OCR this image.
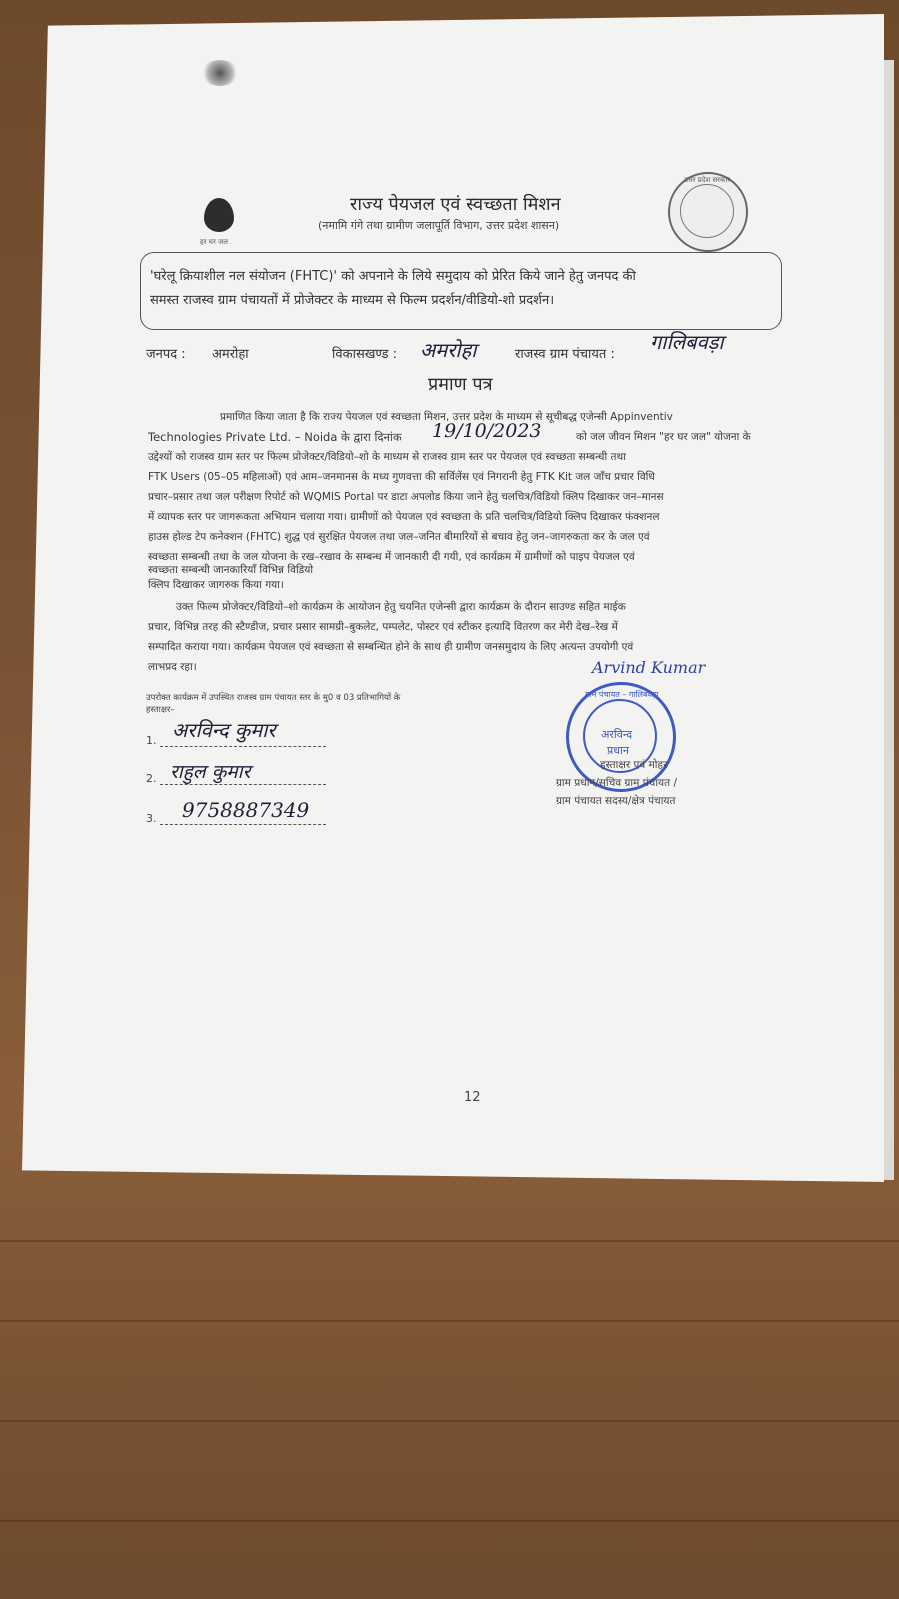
हर घर जल
उत्तर प्रदेश सरकार
राज्य पेयजल एवं स्वच्छता मिशन
(नमामि गंगे तथा ग्रामीण जलापूर्ति विभाग, उत्तर प्रदेश शासन)
'घरेलू क्रियाशील नल संयोजन (FHTC)' को अपनाने के लिये समुदाय को प्रेरित किये जाने हेतु जनपद की
समस्त राजस्व ग्राम पंचायतों में प्रोजेक्टर के माध्यम से फिल्म प्रदर्शन/वीडियो-शो प्रदर्शन।
जनपद : अमरोहा	विकासखण्ड : अमरोहा	राजस्व ग्राम पंचायत :
गालिबवड़ा
प्रमाण पत्र
प्रमाणित किया जाता है कि राज्य पेयजल एवं स्वच्छता मिशन, उत्तर प्रदेश के माध्यम से सूचीबद्ध एजेन्सी Appinventiv
Technologies Private Ltd. – Noida के द्वारा दिनांक 19/10/2023	को जल जीवन मिशन "हर घर जल" योजना के
उद्देश्यों को राजस्व ग्राम स्तर पर फिल्म प्रोजेक्टर/विडियो–शो के माध्यम से राजस्व ग्राम स्तर पर पेयजल एवं स्वच्छता सम्बन्धी तथा
FTK Users (05–05 महिलाओं) एवं आम–जनमानस के मध्य गुणवत्ता की सर्विलेंस एवं निगरानी हेतु FTK Kit जल जाँच प्रचार विधि
प्रचार–प्रसार तथा जल परीक्षण रिपोर्ट को WQMIS Portal पर डाटा अपलोड किया जाने हेतु चलचित्र/विडियो क्लिप दिखाकर जन–मानस
में व्यापक स्तर पर जागरूकता अभियान चलाया गया। ग्रामीणों को पेयजल एवं स्वच्छता के प्रति चलचित्र/विडियो क्लिप दिखाकर फंक्शनल
हाउस होल्ड टेप कनेक्शन (FHTC) शुद्ध एवं सुरक्षित पेयजल तथा जल–जनित बीमारियों से बचाव हेतु जन–जागरुकता कर के जल एवं
स्वच्छता सम्बन्धी तथा के जल योजना के रख–रखाव के सम्बन्ध में जानकारी दी गयी, एवं कार्यक्रम में ग्रामीणों को पाइप पेयजल एवं
स्वच्छता सम्बन्धी जानकारियाँ विभिन्न विडियो
क्लिप दिखाकर जागरुक किया गया।
उक्त फिल्म प्रोजेक्टर/विडियो–शो कार्यक्रम के आयोजन हेतु चयनित एजेन्सी द्वारा कार्यक्रम के दौरान साउण्ड सहित माईक
प्रचार, विभिन्न तरह की स्टैण्डीज, प्रचार प्रसार सामग्री–बुकलेट, पम्पलेट, पोस्टर एवं स्टीकर इत्यादि वितरण कर मेरी देख–रेख में
सम्पादित कराया गया। कार्यक्रम पेयजल एवं स्वच्छता से सम्बन्धित होने के साथ ही ग्रामीण जनसमुदाय के लिए अत्यन्त उपयोगी एवं
लाभप्रद रहा।
उपरोक्त कार्यक्रम में उपस्थित राजस्व ग्राम पंचायत स्तर के मु0 व 03 प्रतिभागियों के
हस्ताक्षर–
1. अरविन्द कुमार
2. राहुल कुमार
3. 9758887349
Arvind Kumar
ग्राम पंचायत – गालिबवड़ा
अरविन्द
प्रधान
हस्ताक्षर एवं मोहर
ग्राम प्रधान/सचिव ग्राम पंचायत /
ग्राम पंचायत सदस्य/क्षेत्र पंचायत
12
